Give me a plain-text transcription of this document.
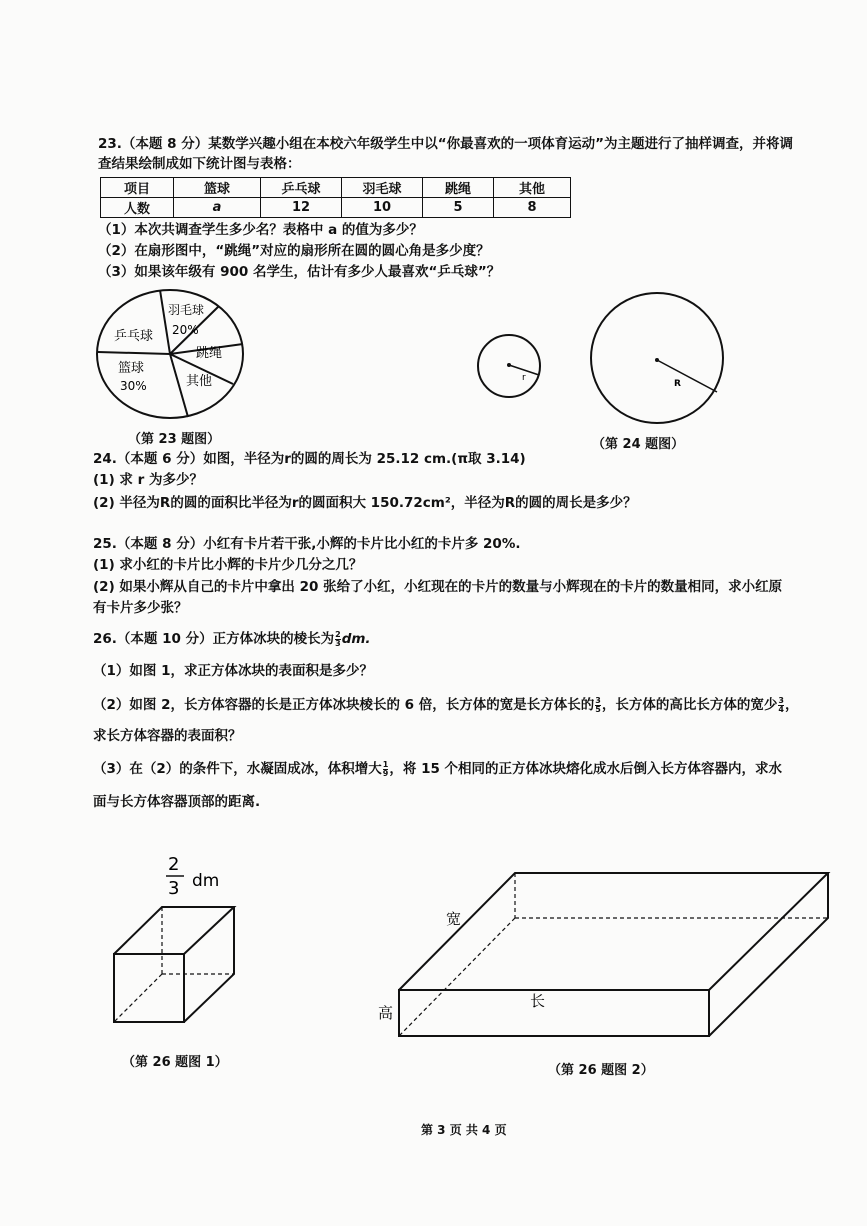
23.（本题 8 分）某数学兴趣小组在本校六年级学生中以“你最喜欢的一项体育运动”为主题进行了抽样调查，并将调
查结果绘制成如下统计图与表格：
项目	篮球	乒乓球	羽毛球	跳绳	其他
人数	a	12	10	5	8
（1）本次共调查学生多少名？表格中 a 的值为多少？
（2）在扇形图中，“跳绳”对应的扇形所在圆的圆心角是多少度？
（3）如果该年级有 900 名学生，估计有多少人最喜欢“乒乓球”？
乒乓球
羽毛球
20%
跳绳
篮球
30%	其他
（第 23 题图）
r
R
（第 24 题图）
24.（本题 6 分）如图，半径为r的圆的周长为 25.12 cm.(π取 3.14)
(1) 求 r 为多少？
(2) 半径为R的圆的面积比半径为r的圆面积大 150.72cm²，半径为R的圆的周长是多少？
25.（本题 8 分）小红有卡片若干张,小辉的卡片比小红的卡片多 20%.
(1) 求小红的卡片比小辉的卡片少几分之几？
(2) 如果小辉从自己的卡片中拿出 20 张给了小红，小红现在的卡片的数量与小辉现在的卡片的数量相同，求小红原
有卡片多少张？
26.（本题 10 分）正方体冰块的棱长为 $\frac{2}{3}$ dm.
（1）如图 1，求正方体冰块的表面积是多少？
（2）如图 2，长方体容器的长是正方体冰块棱长的 6 倍，长方体的宽是长方体长的 $\frac{3}{5}$ ，长方体的高比长方体的宽少 $\frac{3}{4}$ ，
求长方体容器的表面积？
（3）在（2）的条件下，水凝固成冰，体积增大 $\frac{1}{9}$ ，将 15 个相同的正方体冰块熔化成水后倒入长方体容器内，求水
面与长方体容器顶部的距离.
2
3 dm
（第 26 题图 1）
宽
长
高
（第 26 题图 2）
第 3 页 共 4 页
